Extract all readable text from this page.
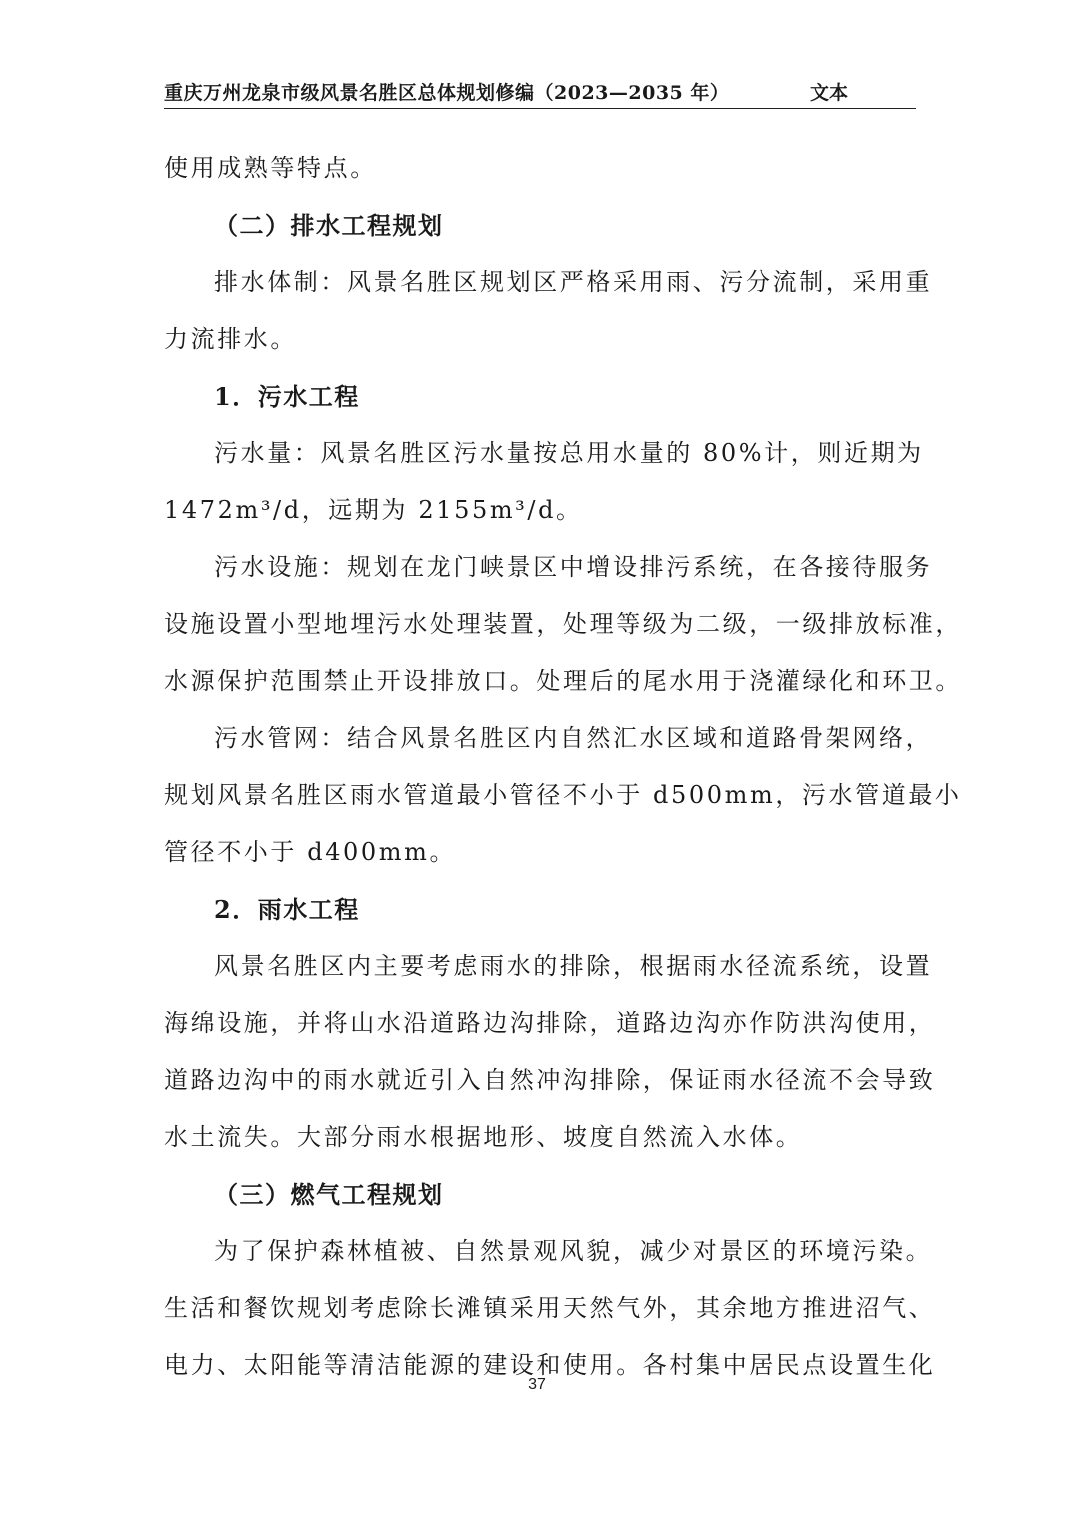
重庆万州龙泉市级风景名胜区总体规划修编（2023—2035 年）	文本
使用成熟等特点。
（二）排水工程规划
排水体制：风景名胜区规划区严格采用雨、污分流制，采用重
力流排水。
1．污水工程
污水量：风景名胜区污水量按总用水量的 80%计，则近期为
1472m³/d，远期为 2155m³/d。
污水设施：规划在龙门峡景区中增设排污系统，在各接待服务
设施设置小型地埋污水处理装置，处理等级为二级，一级排放标准，
水源保护范围禁止开设排放口。处理后的尾水用于浇灌绿化和环卫。
污水管网：结合风景名胜区内自然汇水区域和道路骨架网络，
规划风景名胜区雨水管道最小管径不小于 d500mm，污水管道最小
管径不小于 d400mm。
2．雨水工程
风景名胜区内主要考虑雨水的排除，根据雨水径流系统，设置
海绵设施，并将山水沿道路边沟排除，道路边沟亦作防洪沟使用，
道路边沟中的雨水就近引入自然冲沟排除，保证雨水径流不会导致
水土流失。大部分雨水根据地形、坡度自然流入水体。
（三）燃气工程规划
为了保护森林植被、自然景观风貌，减少对景区的环境污染。
生活和餐饮规划考虑除长滩镇采用天然气外，其余地方推进沼气、
电力、太阳能等清洁能源的建设和使用。各村集中居民点设置生化
37
